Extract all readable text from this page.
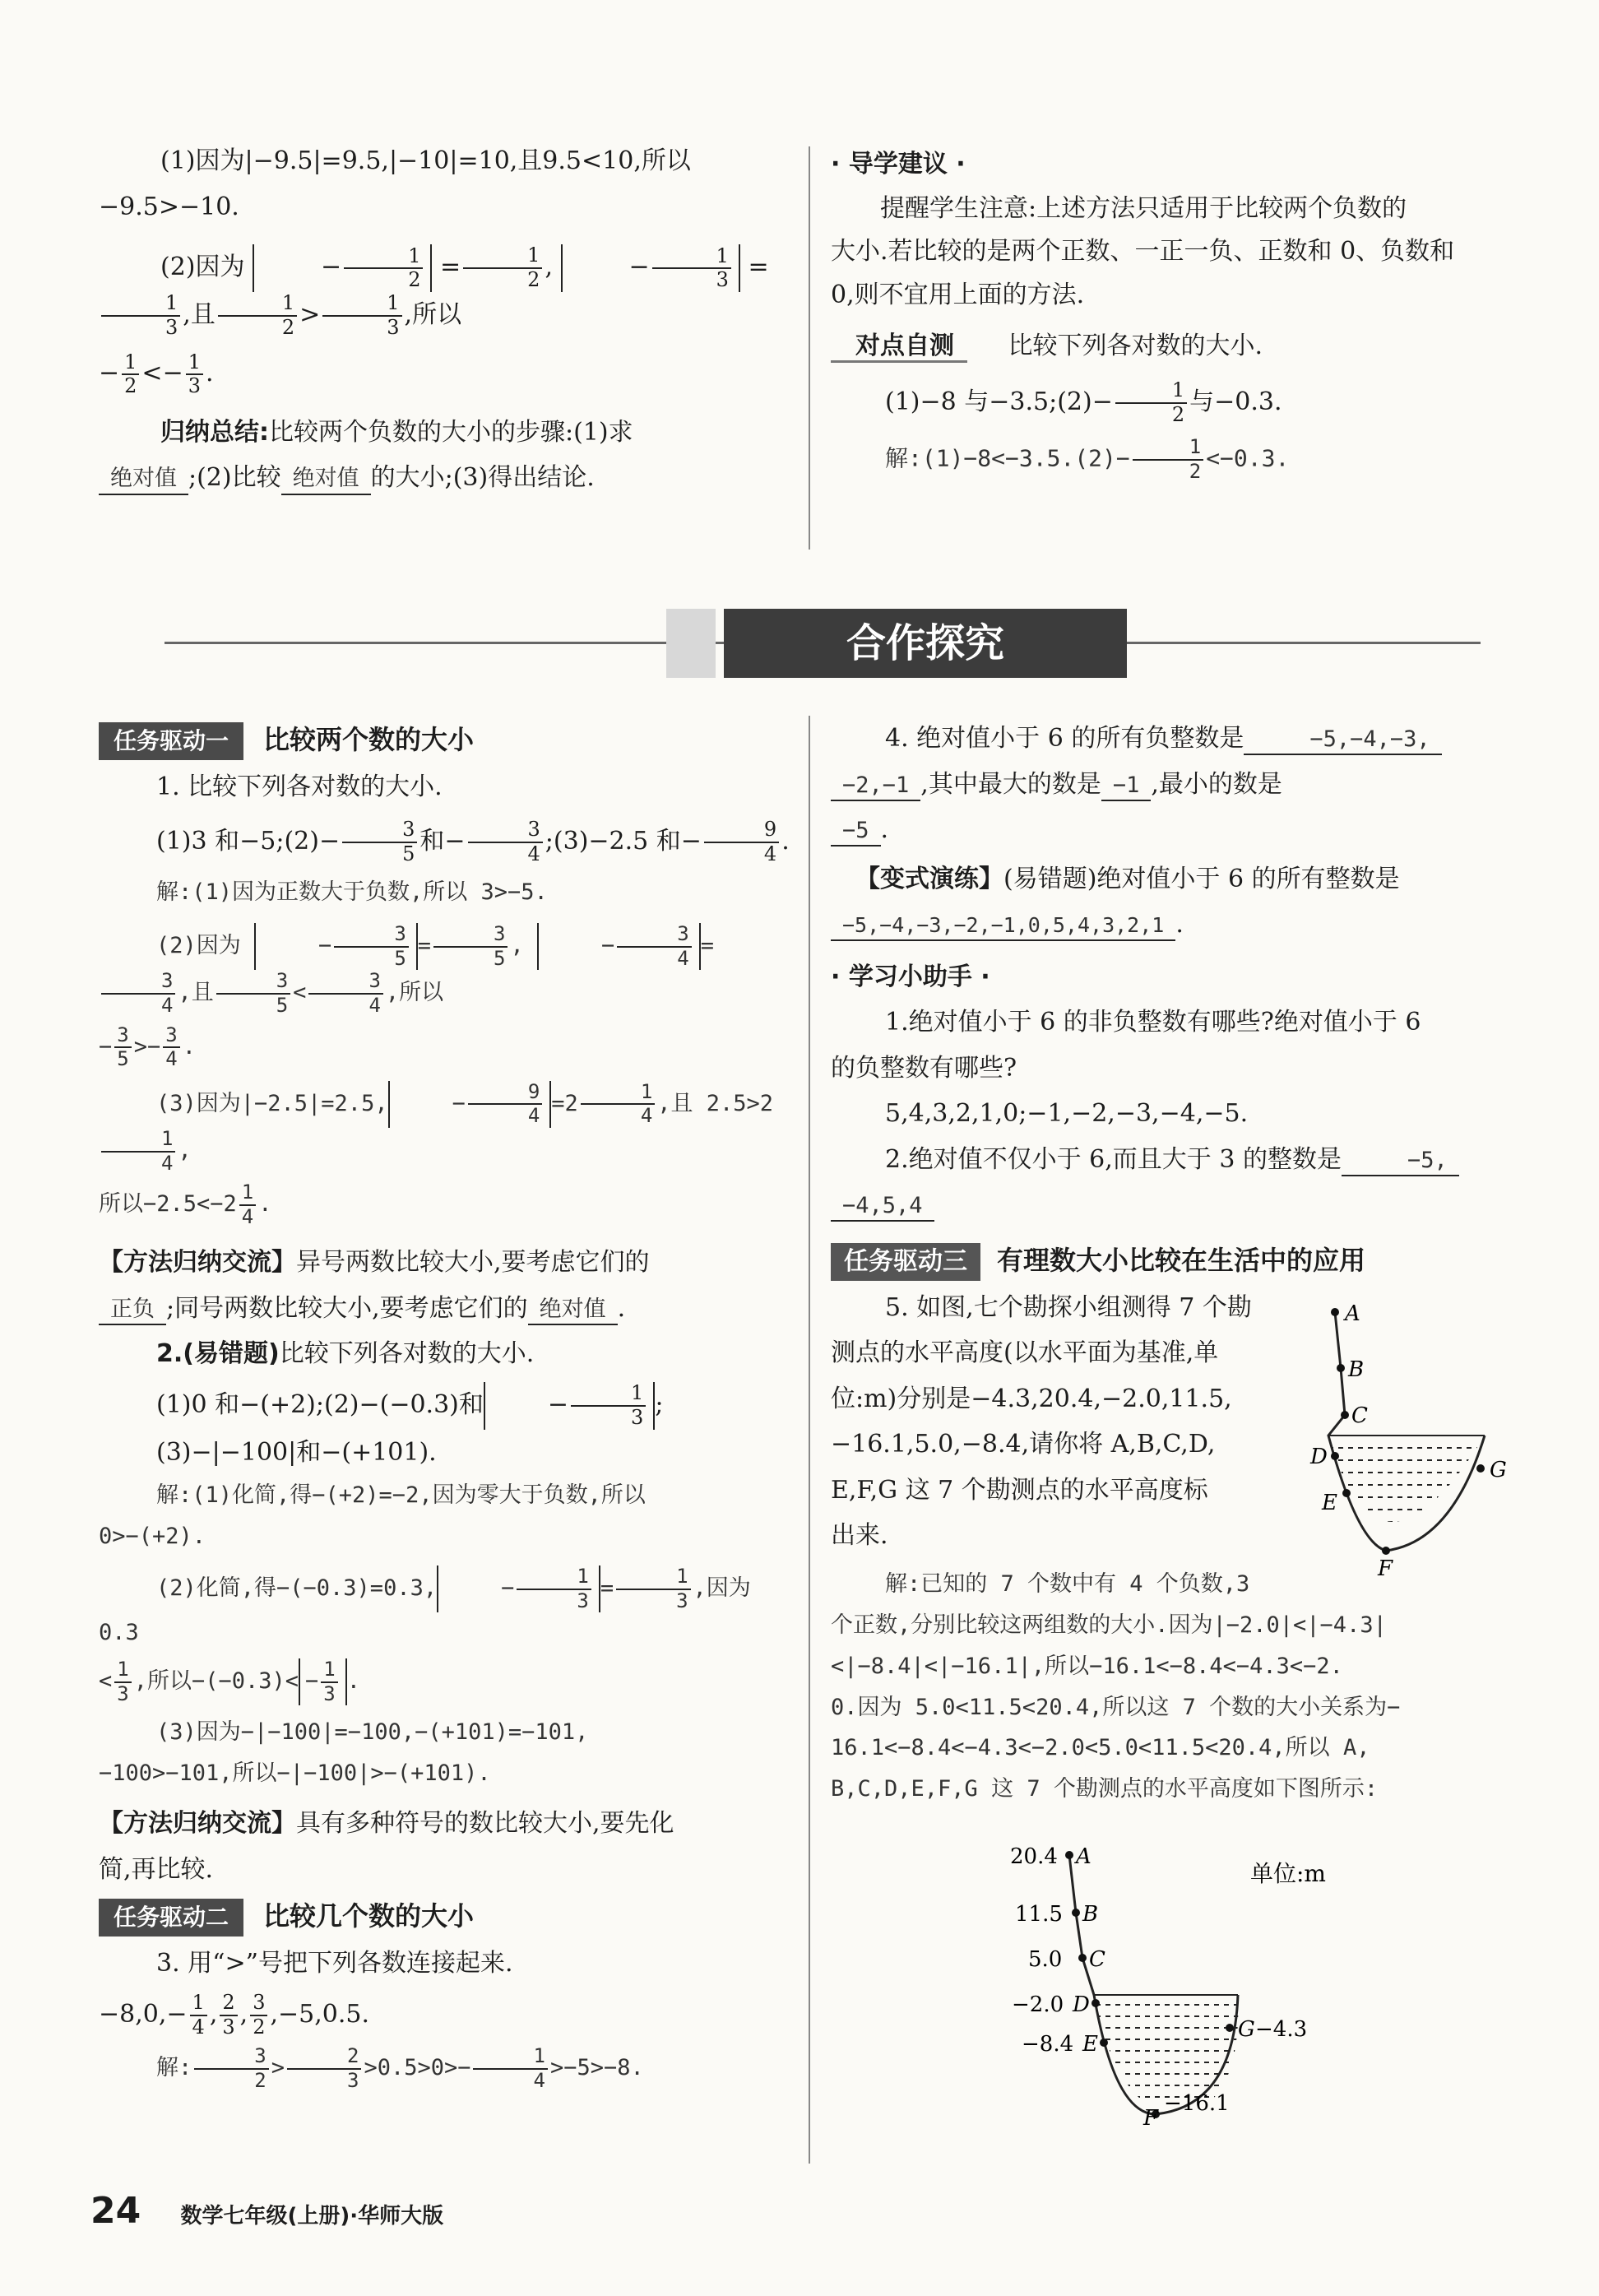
(1)因为|−9.5|=9.5,|−10|=10,且9.5<10,所以

−9.5>−10.

(2)因为	− $\frac{1}{2} = \frac{1}{2}$ ,	− $\frac{1}{3}$ =
$\frac{1}{3}$ ,且 $\frac{1}{2} > \frac{1}{3}$ ,所以

− $\frac{1}{2} <- \frac{1}{3}$ .

归纳总结:比较两个负数的大小的步骤:(1)求

绝对值 ;(2)比较 绝对值 的大小;(3)得出结论.

· 导学建议 ·

提醒学生注意:上述方法只适用于比较两个负数的

大小.若比较的是两个正数、一正一负、正数和 0、负数和

0,则不宜用上面的方法.

对点自测 比较下列各对数的大小.

(1)−8 与−3.5;(2)− $\frac{1}{2}$ 与−0.3.

解:(1)−8<−3.5.(2)− $\frac{1}{2} <-0.3$.

合作探究

任务驱动一 比较两个数的大小

1. 比较下列各对数的大小.

(1)3 和−5;(2)− $\frac{3}{5}$ 和− $\frac{3}{4}$ ;(3)−2.5 和− $\frac{9}{4}$ .

解:(1)因为正数大于负数,所以 3>−5.

(2)因为	− $\frac{3}{5} = \frac{3}{5}$ ,	− $\frac{3}{4}$ =
$\frac{3}{4}$ ,且 $\frac{3}{5} < \frac{3}{4}$ ,所以

− $\frac{3}{5} >- \frac{3}{4}$ .

(3)因为|−2.5|=2.5,	− $\frac{9}{4} =2 \frac{1}{4}$ ,且 2.5>2
$\frac{1}{4}$ ,

所以$-2.5<-2 \frac{1}{4}$ .

【方法归纳交流】异号两数比较大小,要考虑它们的

正负 ;同号两数比较大小,要考虑它们的 绝对值 .

2.(易错题)比较下列各对数的大小.

(1)0 和−(+2);(2)−(−0.3)和	− $\frac{1}{3}$ ;

(3)−|−100|和−(+101).

解:(1)化简,得−(+2)=−2,因为零大于负数,所以

0>−(+2).

(2)化简,得−(−0.3)=0.3,	− $\frac{1}{3} = \frac{1}{3}$ ,因为 0.3

< $\frac{1}{3}$ ,所以$-(-0.3)< - \frac{1}{3}$ .

(3)因为−|−100|=−100,−(+101)=−101,

−100>−101,所以−|−100|>−(+101).

【方法归纳交流】具有多种符号的数比较大小,要先化

简,再比较.

任务驱动二 比较几个数的大小

3. 用“>”号把下列各数连接起来.

$-8,0,- \frac{1}{4}$ , $\frac{2}{3}$ , $\frac{3}{2} ,-5,0.5$.

解: $\frac{3}{2} > \frac{2}{3} >0.5>0>- \frac{1}{4} >-5>-8$.

4. 绝对值小于 6 的所有负整数是	−5,−4,−3,

−2,−1 ,其中最大的数是 −1 ,最小的数是

−5 .

【变式演练】(易错题)绝对值小于 6 的所有整数是

−5,−4,−3,−2,−1,0,5,4,3,2,1 .

· 学习小助手 ·

1.绝对值小于 6 的非负整数有哪些?绝对值小于 6

的负整数有哪些?

5,4,3,2,1,0;−1,−2,−3,−4,−5.

2.绝对值不仅小于 6,而且大于 3 的整数是	−5,

−4,5,4

任务驱动三 有理数大小比较在生活中的应用

5. 如图,七个勘探小组测得 7 个勘

测点的水平高度(以水平面为基准,单

位:m)分别是−4.3,20.4,−2.0,11.5,

−16.1,5.0,−8.4,请你将 A,B,C,D,

E,F,G 这 7 个勘测点的水平高度标

出来.

解:已知的 7 个数中有 4 个负数,3

个正数,分别比较这两组数的大小.因为|−2.0|<|−4.3|

<|−8.4|<|−16.1|,所以−16.1<−8.4<−4.3<−2.

0.因为 5.0<11.5<20.4,所以这 7 个数的大小关系为−

16.1<−8.4<−4.3<−2.0<5.0<11.5<20.4,所以 A,

B,C,D,E,F,G 这 7 个勘测点的水平高度如下图所示:

A
B
C
D
E
F
G
单位:m
20.4 A
11.5 B
5.0 C
−2.0 D
−8.4 E
F
−16.1
G −4.3
24 数学七年级(上册)·华师大版
